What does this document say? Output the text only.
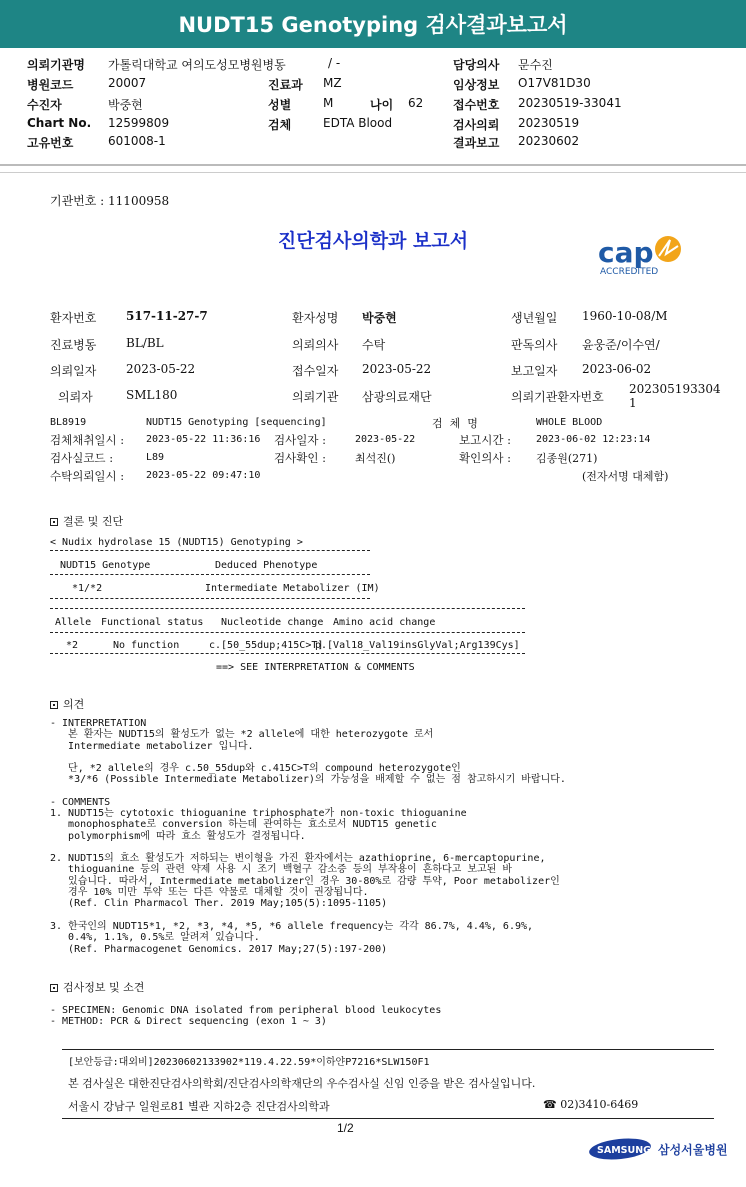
NUDT15 Genotyping 검사결과보고서
의뢰기관명 가톨릭대학교 여의도성모병원병동	/ -	담당의사 문수진
병원코드	20007	진료과 MZ	임상정보 O17V81D30
수진자	박중현	성별	M	나이 62 접수번호 20230519-33041
Chart No. 12599809	검체	EDTA Blood	검사의뢰 20230519
고유번호	601008-1	결과보고 20230602
기관번호 : 11100958
진단검사의학과 보고서	cap
ACCREDITED
환자번호 517-11-27-7	환자성명 박중현	생년월일 1960-10-08/M
진료병동 BL/BL	의뢰의사 수탁	판독의사 윤웅준/이수연/
의뢰일자 2023-05-22	접수일자 2023-05-22	보고일자 2023-06-02
의뢰자	SML180	의뢰기관 삼광의료재단	의뢰기관환자번호
202305193304
1
BL8919	NUDT15 Genotyping [sequencing]	검  체  명	WHOLE BLOOD
검체채취일시 : 2023-05-22 11:36:16 검사일자 :	2023-05-22	보고시간 :	2023-06-02 12:23:14
검사실코드 :	L89	검사확인 :	최석진()	확인의사 : 김종원(271)
수탁의뢰일시 : 2023-05-22 09:47:10	(전자서명 대체함)
결론 및 진단
< Nudix hydrolase 15 (NUDT15) Genotyping >
NUDT15 Genotype	Deduced Phenotype
*1/*2	Intermediate Metabolizer (IM)
Allele Functional status Nucleotide change Amino acid change
*2	No function	c.[50_55dup;415C>T]
p.[Val18_Val19insGlyVal;Arg139Cys]
==> SEE INTERPRETATION & COMMENTS
의견
- INTERPRETATION
본 환자는 NUDT15의 활성도가 없는 *2 allele에 대한 heterozygote 로서
Intermediate metabolizer 입니다.
단, *2 allele의 경우 c.50_55dup와 c.415C>T의 compound heterozygote인
*3/*6 (Possible Intermediate Metabolizer)의 가능성을 배제할 수 없는 점 참고하시기 바랍니다.
- COMMENTS
1. NUDT15는 cytotoxic thioguanine triphosphate가 non-toxic thioguanine
monophosphate로 conversion 하는데 관여하는 효소로서 NUDT15 genetic
polymorphism에 따라 효소 활성도가 결정됩니다.
2. NUDT15의 효소 활성도가 저하되는 변이형을 가진 환자에서는 azathioprine, 6-mercaptopurine,
thioguanine 등의 관련 약제 사용 시 조기 백혈구 감소증 등의 부작용이 흔하다고 보고된 바
있습니다. 따라서, Intermediate metabolizer인 경우 30-80%로 감량 투약, Poor metabolizer인
경우 10% 미만 투약 또는 다른 약물로 대체할 것이 권장됩니다.
(Ref. Clin Pharmacol Ther. 2019 May;105(5):1095-1105)
3. 한국인의 NUDT15*1, *2, *3, *4, *5, *6 allele frequency는 각각 86.7%, 4.4%, 6.9%,
0.4%, 1.1%, 0.5%로 알려져 있습니다.
(Ref. Pharmacogenet Genomics. 2017 May;27(5):197-200)
검사정보 및 소견
- SPECIMEN: Genomic DNA isolated from peripheral blood leukocytes
- METHOD: PCR & Direct sequencing (exon 1 ~ 3)
[보안등급:대외비]20230602133902*119.4.22.59*이하얀P7216*SLW150F1
본 검사실은 대한진단검사의학회/진단검사의학재단의 우수검사실 신임 인증을 받은 검사실입니다.
서울시 강남구 일원로81 별관 지하2층 진단검사의학과	☎ 02)3410-6469
1/2
SAMSUNG 삼성서울병원
